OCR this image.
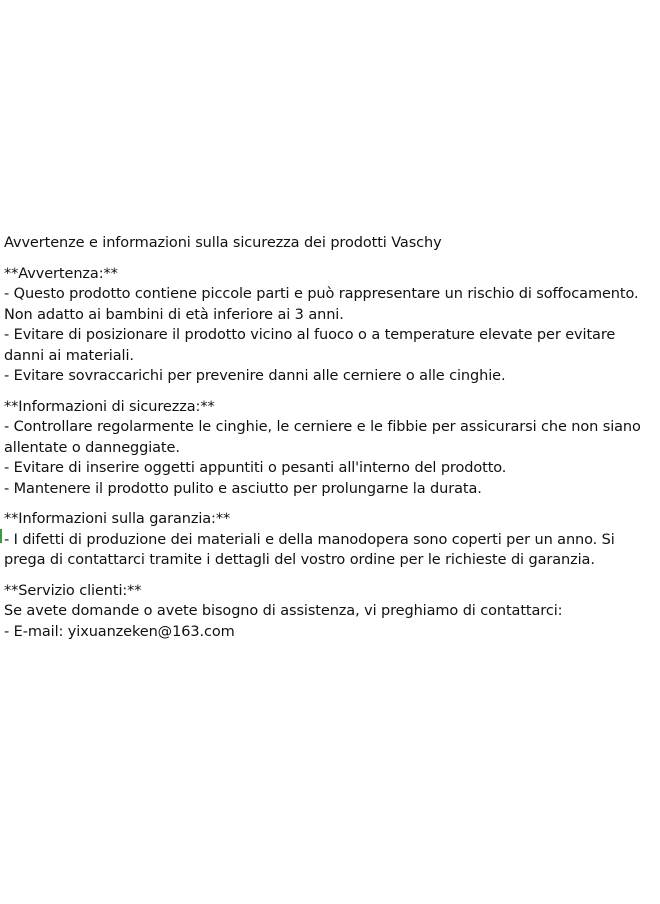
Avvertenze e informazioni sulla sicurezza dei prodotti Vaschy

**Avvertenza:**

- Questo prodotto contiene piccole parti e può rappresentare un rischio di soffocamento. Non adatto ai bambini di età inferiore ai 3 anni.

- Evitare di posizionare il prodotto vicino al fuoco o a temperature elevate per evitare danni ai materiali.

- Evitare sovraccarichi per prevenire danni alle cerniere o alle cinghie.

**Informazioni di sicurezza:**

- Controllare regolarmente le cinghie, le cerniere e le fibbie per assicurarsi che non siano allentate o danneggiate.

- Evitare di inserire oggetti appuntiti o pesanti all'interno del prodotto.

- Mantenere il prodotto pulito e asciutto per prolungarne la durata.

**Informazioni sulla garanzia:**

- I difetti di produzione dei materiali e della manodopera sono coperti per un anno. Si prega di contattarci tramite i dettagli del vostro ordine per le richieste di garanzia.

**Servizio clienti:**

Se avete domande o avete bisogno di assistenza, vi preghiamo di contattarci:

- E-mail: yixuanzeken@163.com
